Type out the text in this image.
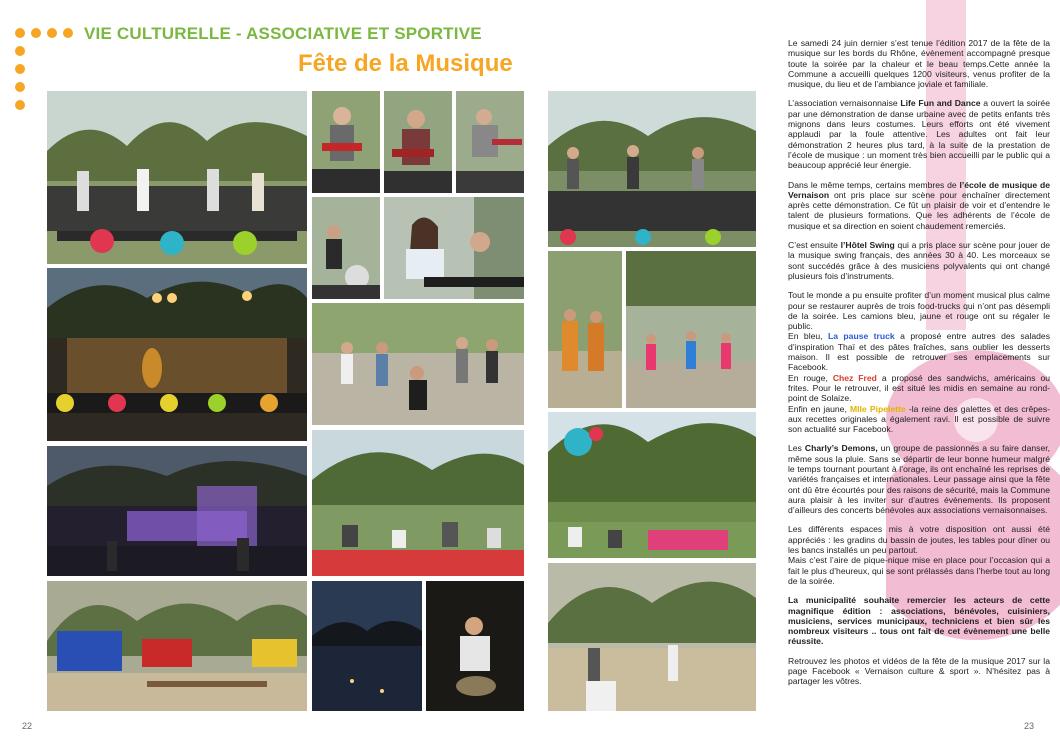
VIE CULTURELLE - ASSOCIATIVE ET SPORTIVE
Fête de la Musique
22

Le samedi 24 juin dernier s’est tenue l’édition 2017 de la fête de la musique sur les bords du Rhône, évènement accompagné presque toute la soirée par la chaleur et le beau temps.Cette année la Commune a accueilli quelques 1200 visiteurs, venus profiter de la musique, du lieu et de l’ambiance joviale et familiale.

L’association vernaisonnaise Life Fun and Dance a ouvert la soirée par une démonstration de danse urbaine avec de petits enfants très mignons dans leurs costumes. Leurs efforts ont été vivement applaudi par la foule attentive. Les adultes ont fait leur démonstration 2 heures plus tard, à la suite de la prestation de l’école de musique : un moment très bien accueilli par le public qui a beaucoup apprécié leur énergie.

Dans le même temps, certains membres de l’école de musique de Vernaison ont pris place sur scène pour enchaîner directement après cette démonstration. Ce fût un plaisir de voir et d’entendre le talent de plusieurs formations. Que les adhérents de l’école de musique et sa direction en soient chaudement remerciés.

C’est ensuite l’Hôtel Swing qui a pris place sur scène pour jouer de la musique swing français, des années 30 à 40. Les morceaux se sont succédés grâce à des musiciens polyvalents qui ont changé plusieurs fois d’instruments.

Tout le monde a pu ensuite profiter d’un moment musical plus calme pour se restaurer auprès de trois food-trucks qui n’ont pas désempli de la soirée. Les camions bleu, jaune et rouge ont su régaler le public.
En bleu, La pause truck a proposé entre autres des salades d’inspiration Thaï et des pâtes fraîches, sans oublier les desserts maison. Il est possible de retrouver ses emplacements sur Facebook.
En rouge, Chez Fred a proposé des sandwichs, américains ou frites. Pour le retrouver, il est situé les midis en semaine au rond-point de Solaize.
Enfin en jaune, Mlle Pipelette -la reine des galettes et des crêpes- aux recettes originales a également ravi. Il est possible de suivre son actualité sur Facebook.

Les Charly’s Demons, un groupe de passionnés a su faire danser, même sous la pluie. Sans se départir de leur bonne humeur malgré le temps tournant pourtant à l’orage, ils ont enchaîné les reprises de variétés françaises et internationales. Leur passage ainsi que la fête ont dû être écourtés pour des raisons de sécurité, mais la Commune aura plaisir à les inviter sur d’autres évènements. Ils proposent d’ailleurs des concerts bénévoles aux associations vernaisonnaises.

Les différents espaces mis à votre disposition ont aussi été appréciés : les gradins du bassin de joutes, les tables pour dîner ou les bancs installés un peu partout.
Mais c’est l’aire de pique-nique mise en place pour l’occasion qui a fait le plus d’heureux, qui se sont prélassés dans l’herbe tout au long de la soirée.

La municipalité souhaite remercier les acteurs de cette magnifique édition : associations, bénévoles, cuisiniers, musiciens, services municipaux, techniciens et bien sûr les nombreux visiteurs .. tous ont fait de cet évènement une belle réussite.

Retrouvez les photos et vidéos de la fête de la musique 2017 sur la page Facebook « Vernaison culture & sport ». N’hésitez pas à partager les vôtres.

23
